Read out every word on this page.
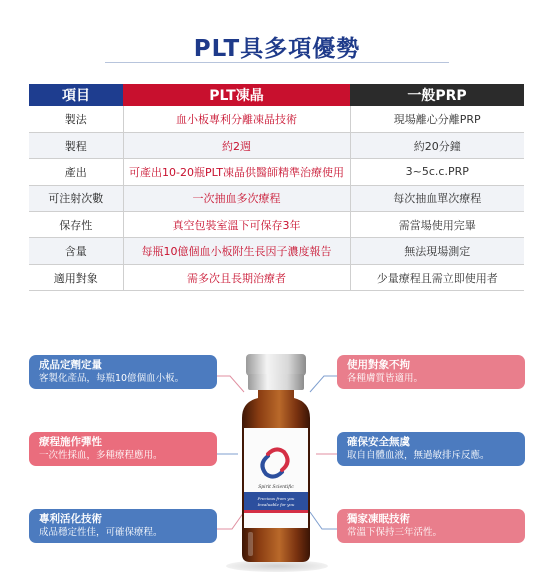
PLT具多項優勢
項目	PLT凍晶	一般PRP
製法	血小板專利分離凍晶技術	現場離心分離PRP
製程	約2週	約20分鐘
產出	可產出10-20瓶PLT凍晶供醫師精準治療使用	3~5c.c.PRP
可注射次數	一次抽血多次療程	每次抽血單次療程
保存性	真空包裝室溫下可保存3年	需當場使用完畢
含量	每瓶10億個血小板附生長因子濃度報告	無法現場測定
適用對象	需多次且長期治療者	少量療程且需立即使用者
成品定劑定量
客製化產品，每瓶10億個血小板。
療程施作彈性
一次性採血，多種療程應用。
專利活化技術
成品穩定性佳，可確保療程。
使用對象不拘
各種膚質皆適用。
確保安全無虞
取自自體血液，無過敏排斥反應。
獨家凍眠技術
常溫下保持三年活性。
Spirit Scientific
Precious from you
Invaluable for you
